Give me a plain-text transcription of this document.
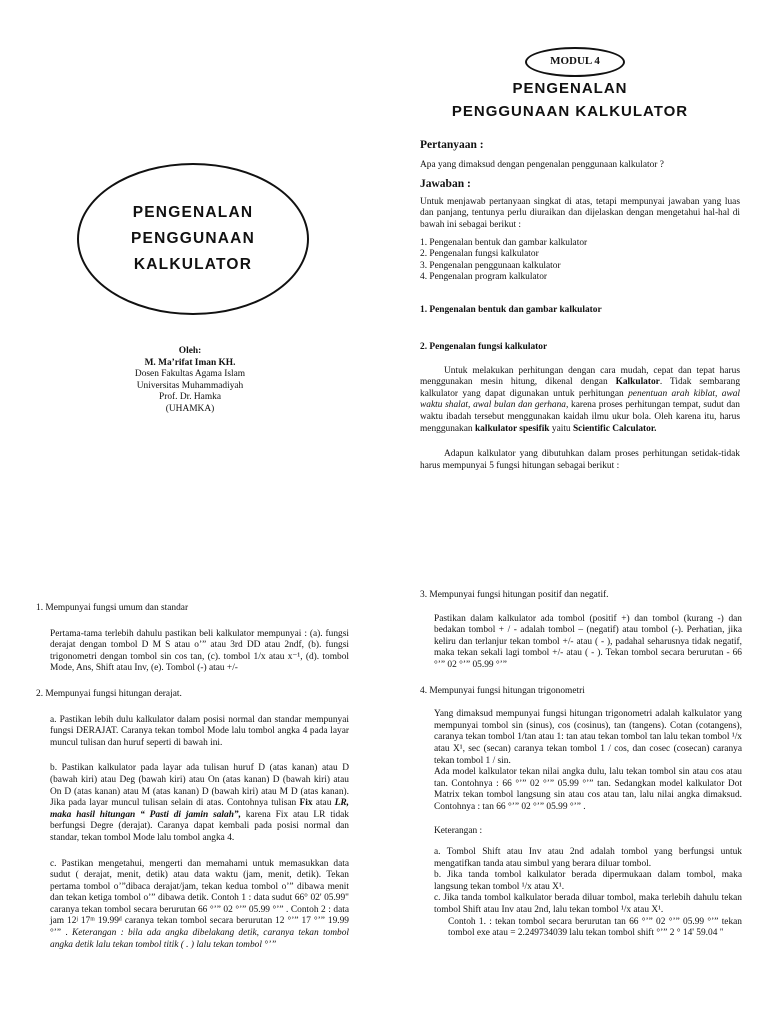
MODUL 4
PENGENALAN
PENGGUNAAN KALKULATOR
PENGENALAN
PENGGUNAAN
KALKULATOR
Oleh:
M. Ma’rifat Iman KH.
Dosen Fakultas Agama Islam
Universitas Muhammadiyah
Prof. Dr. Hamka
(UHAMKA)
Pertanyaan :
Apa yang dimaksud dengan pengenalan penggunaan kalkulator ?
Jawaban :
Untuk menjawab pertanyaan singkat di atas, tetapi mempunyai jawaban yang luas dan panjang, tentunya perlu diuraikan dan dijelaskan dengan mengetahui hal-hal di bawah ini sebagai berikut :
1. Pengenalan bentuk dan gambar kalkulator
2. Pengenalan fungsi kalkulator
3. Pengenalan penggunaan kalkulator
4. Pengenalan program kalkulator
1. Pengenalan bentuk dan gambar kalkulator
2. Pengenalan fungsi kalkulator

Untuk melakukan perhitungan dengan cara mudah, cepat dan tepat harus menggunakan mesin hitung, dikenal dengan Kalkulator. Tidak sembarang kalkulator yang dapat digunakan untuk perhitungan penentuan arah kiblat, awal waktu shalat, awal bulan dan gerhana, karena proses perhitungan tempat, sudut dan waktu ibadah tersebut menggunakan kaidah ilmu ukur bola. Oleh karena itu, harus menggunakan kalkulator spesifik yaitu Scientific Calculator.

Adapun kalkulator yang dibutuhkan dalam proses perhitungan setidak-tidak harus mempunyai 5 fungsi hitungan sebagai berikut :

1. Mempunyai fungsi umum dan standar

Pertama-tama terlebih dahulu pastikan beli kalkulator mempunyai : (a). fungsi derajat dengan tombol D M S atau o’” atau 3rd DD atau 2ndf, (b). fungsi trigonometri dengan tombol sin cos tan, (c). tombol 1/x atau x⁻¹, (d). tombol Mode, Ans, Shift atau Inv, (e). Tombol (-) atau +/-

2. Mempunyai fungsi hitungan derajat.

a. Pastikan lebih dulu kalkulator dalam posisi normal dan standar mempunyai fungsi DERAJAT. Caranya tekan tombol Mode lalu tombol angka 4 pada layar muncul tulisan dan huruf seperti di bawah ini.

b. Pastikan kalkulator pada layar ada tulisan huruf D (atas kanan) atau D (bawah kiri) atau Deg (bawah kiri) atau On (atas kanan) D (bawah kiri) atau On D (atas kanan) atau M (atas kanan) D (bawah kiri) atau M D (atas kanan). Jika pada layar muncul tulisan selain di atas. Contohnya tulisan Fix atau LR, maka hasil hitungan “ Pasti di jamin salah”, karena Fix atau LR tidak berfungsi Degre (derajat). Caranya dapat kembali pada posisi normal dan standar, tekan tombol Mode lalu tombol angka 4.

c. Pastikan mengetahui, mengerti dan memahami untuk memasukkan data sudut ( derajat, menit, detik) atau data waktu (jam, menit, detik). Tekan pertama tombol o’”dibaca derajat/jam, tekan kedua tombol o’” dibawa menit dan tekan ketiga tombol o’” dibawa detik. Contoh 1 : data sudut 66° 02' 05.99" caranya tekan tombol secara berurutan 66 °’” 02 °’” 05.99 °’” . Contoh 2 : data jam 12ʲ 17ᵐ 19.99ᵈ caranya tekan tombol secara berurutan 12 °’” 17 °’” 19.99 °’” . Keterangan : bila ada angka dibelakang detik, caranya tekan tombol angka detik lalu tekan tombol titik ( . ) lalu tekan tombol °’”

3. Mempunyai fungsi hitungan positif dan negatif.

Pastikan dalam kalkulator ada tombol (positif +) dan tombol (kurang -) dan bedakan tombol + / - adalah tombol – (negatif) atau tombol (-). Perhatian, jika keliru dan terlanjur tekan tombol +/- atau ( - ), padahal seharusnya tidak negatif, maka tekan sekali lagi tombol +/- atau ( - ). Tekan tombol secara berurutan - 66 °’” 02 °’” 05.99 °’”

4. Mempunyai fungsi hitungan trigonometri

Yang dimaksud mempunyai fungsi hitungan trigonometri adalah kalkulator yang mempunyai tombol sin (sinus), cos (cosinus), tan (tangens). Cotan (cotangens), caranya tekan tombol 1/tan atau 1: tan atau tekan tombol tan lalu tekan tombol ¹/x atau X¹, sec (secan) caranya tekan tombol 1 / cos, dan cosec (cosecan) caranya tekan tombol 1 / sin.

Ada model kalkulator tekan nilai angka dulu, lalu tekan tombol sin atau cos atau tan. Contohnya : 66 °’” 02 °’” 05.99 °’” tan. Sedangkan model kalkulator Dot Matrix tekan tombol langsung sin atau cos atau tan, lalu nilai angka dimaksud. Contohnya : tan 66 °’” 02 °’” 05.99 °’” .

Keterangan :

a. Tombol Shift atau Inv atau 2nd adalah tombol yang berfungsi untuk mengatifkan tanda atau simbul yang berara diluar tombol.

b. Jika tanda tombol kalkulator berada dipermukaan dalam tombol, maka langsung tekan tombol ¹/x atau X¹.

c. Jika tanda tombol kalkulator berada diluar tombol, maka terlebih dahulu tekan tombol Shift atau Inv atau 2nd, lalu tekan tombol ¹/x atau X¹.

Contoh 1. : tekan tombol secara berurutan tan 66 °’” 02 °’” 05.99 °’” tekan tombol exe atau = 2.249734039 lalu tekan tombol shift °’” 2 ° 14' 59.04 "
